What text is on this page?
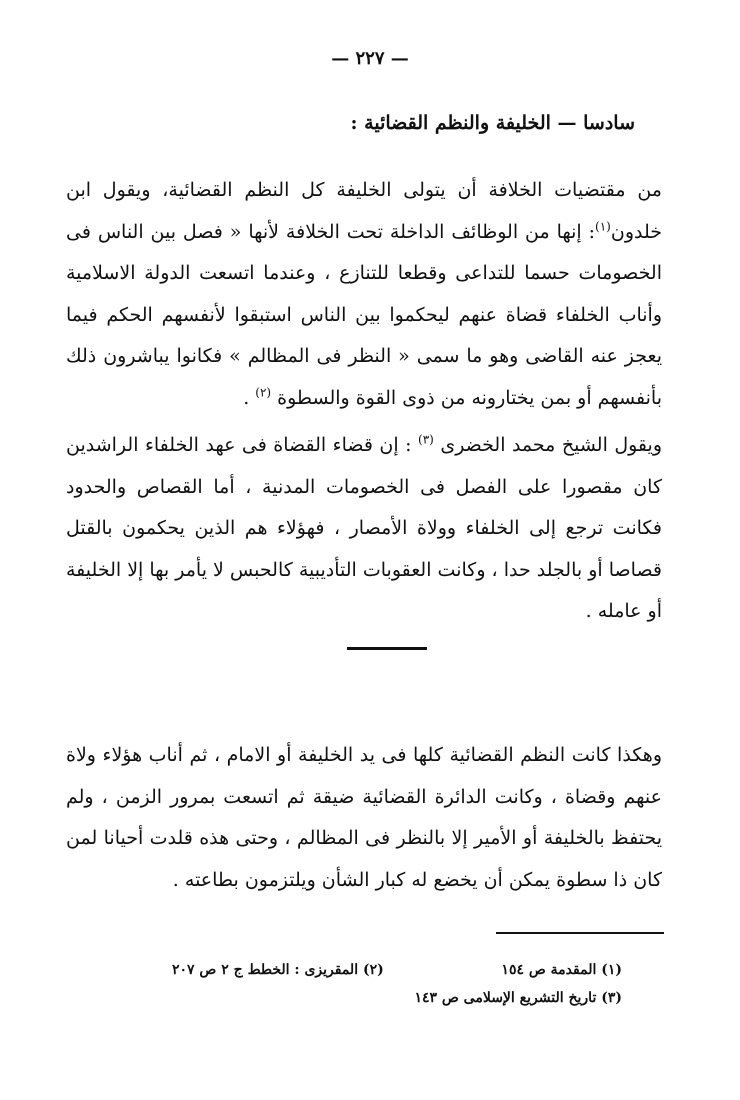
— ٢٢٧ —
سادسا — الخليفة والنظم القضائية :

من مقتضيات الخلافة أن يتولى الخليفة كل النظم القضائية، ويقول ابن خلدون$^{(١)}$: إنها من الوظائف الداخلة تحت الخلافة لأنها « فصل بين الناس فى الخصومات حسما للتداعى وقطعا للتنازع ، وعندما اتسعت الدولة الاسلامية وأناب الخلفاء قضاة عنهم ليحكموا بين الناس استبقوا لأنفسهم الحكم فيما يعجز عنه القاضى وهو ما سمى « النظر فى المظالم » فكانوا يباشرون ذلك بأنفسهم أو بمن يختارونه من ذوى القوة والسطوة $^{(٢)}$ .

ويقول الشيخ محمد الخضرى $^{(٣)}$ : إن قضاء القضاة فى عهد الخلفاء الراشدين كان مقصورا على الفصل فى الخصومات المدنية ، أما القصاص والحدود فكانت ترجع إلى الخلفاء وولاة الأمصار ، فهؤلاء هم الذين يحكمون بالقتل قصاصا أو بالجلد حدا ، وكانت العقوبات التأديبية كالحبس لا يأمر بها إلا الخليفة أو عامله .

وهكذا كانت النظم القضائية كلها فى يد الخليفة أو الامام ، ثم أناب هؤلاء ولاة عنهم وقضاة ، وكانت الدائرة القضائية ضيقة ثم اتسعت بمرور الزمن ، ولم يحتفظ بالخليفة أو الأمير إلا بالنظر فى المظالم ، وحتى هذه قلدت أحيانا لمن كان ذا سطوة يمكن أن يخضع له كبار الشأن ويلتزمون بطاعته .

(١) المقدمة ص ١٥٤
(٢) المقريزى : الخطط ج ٢ ص ٢٠٧
(٣) تاريخ التشريع الإسلامى ص ١٤٣
